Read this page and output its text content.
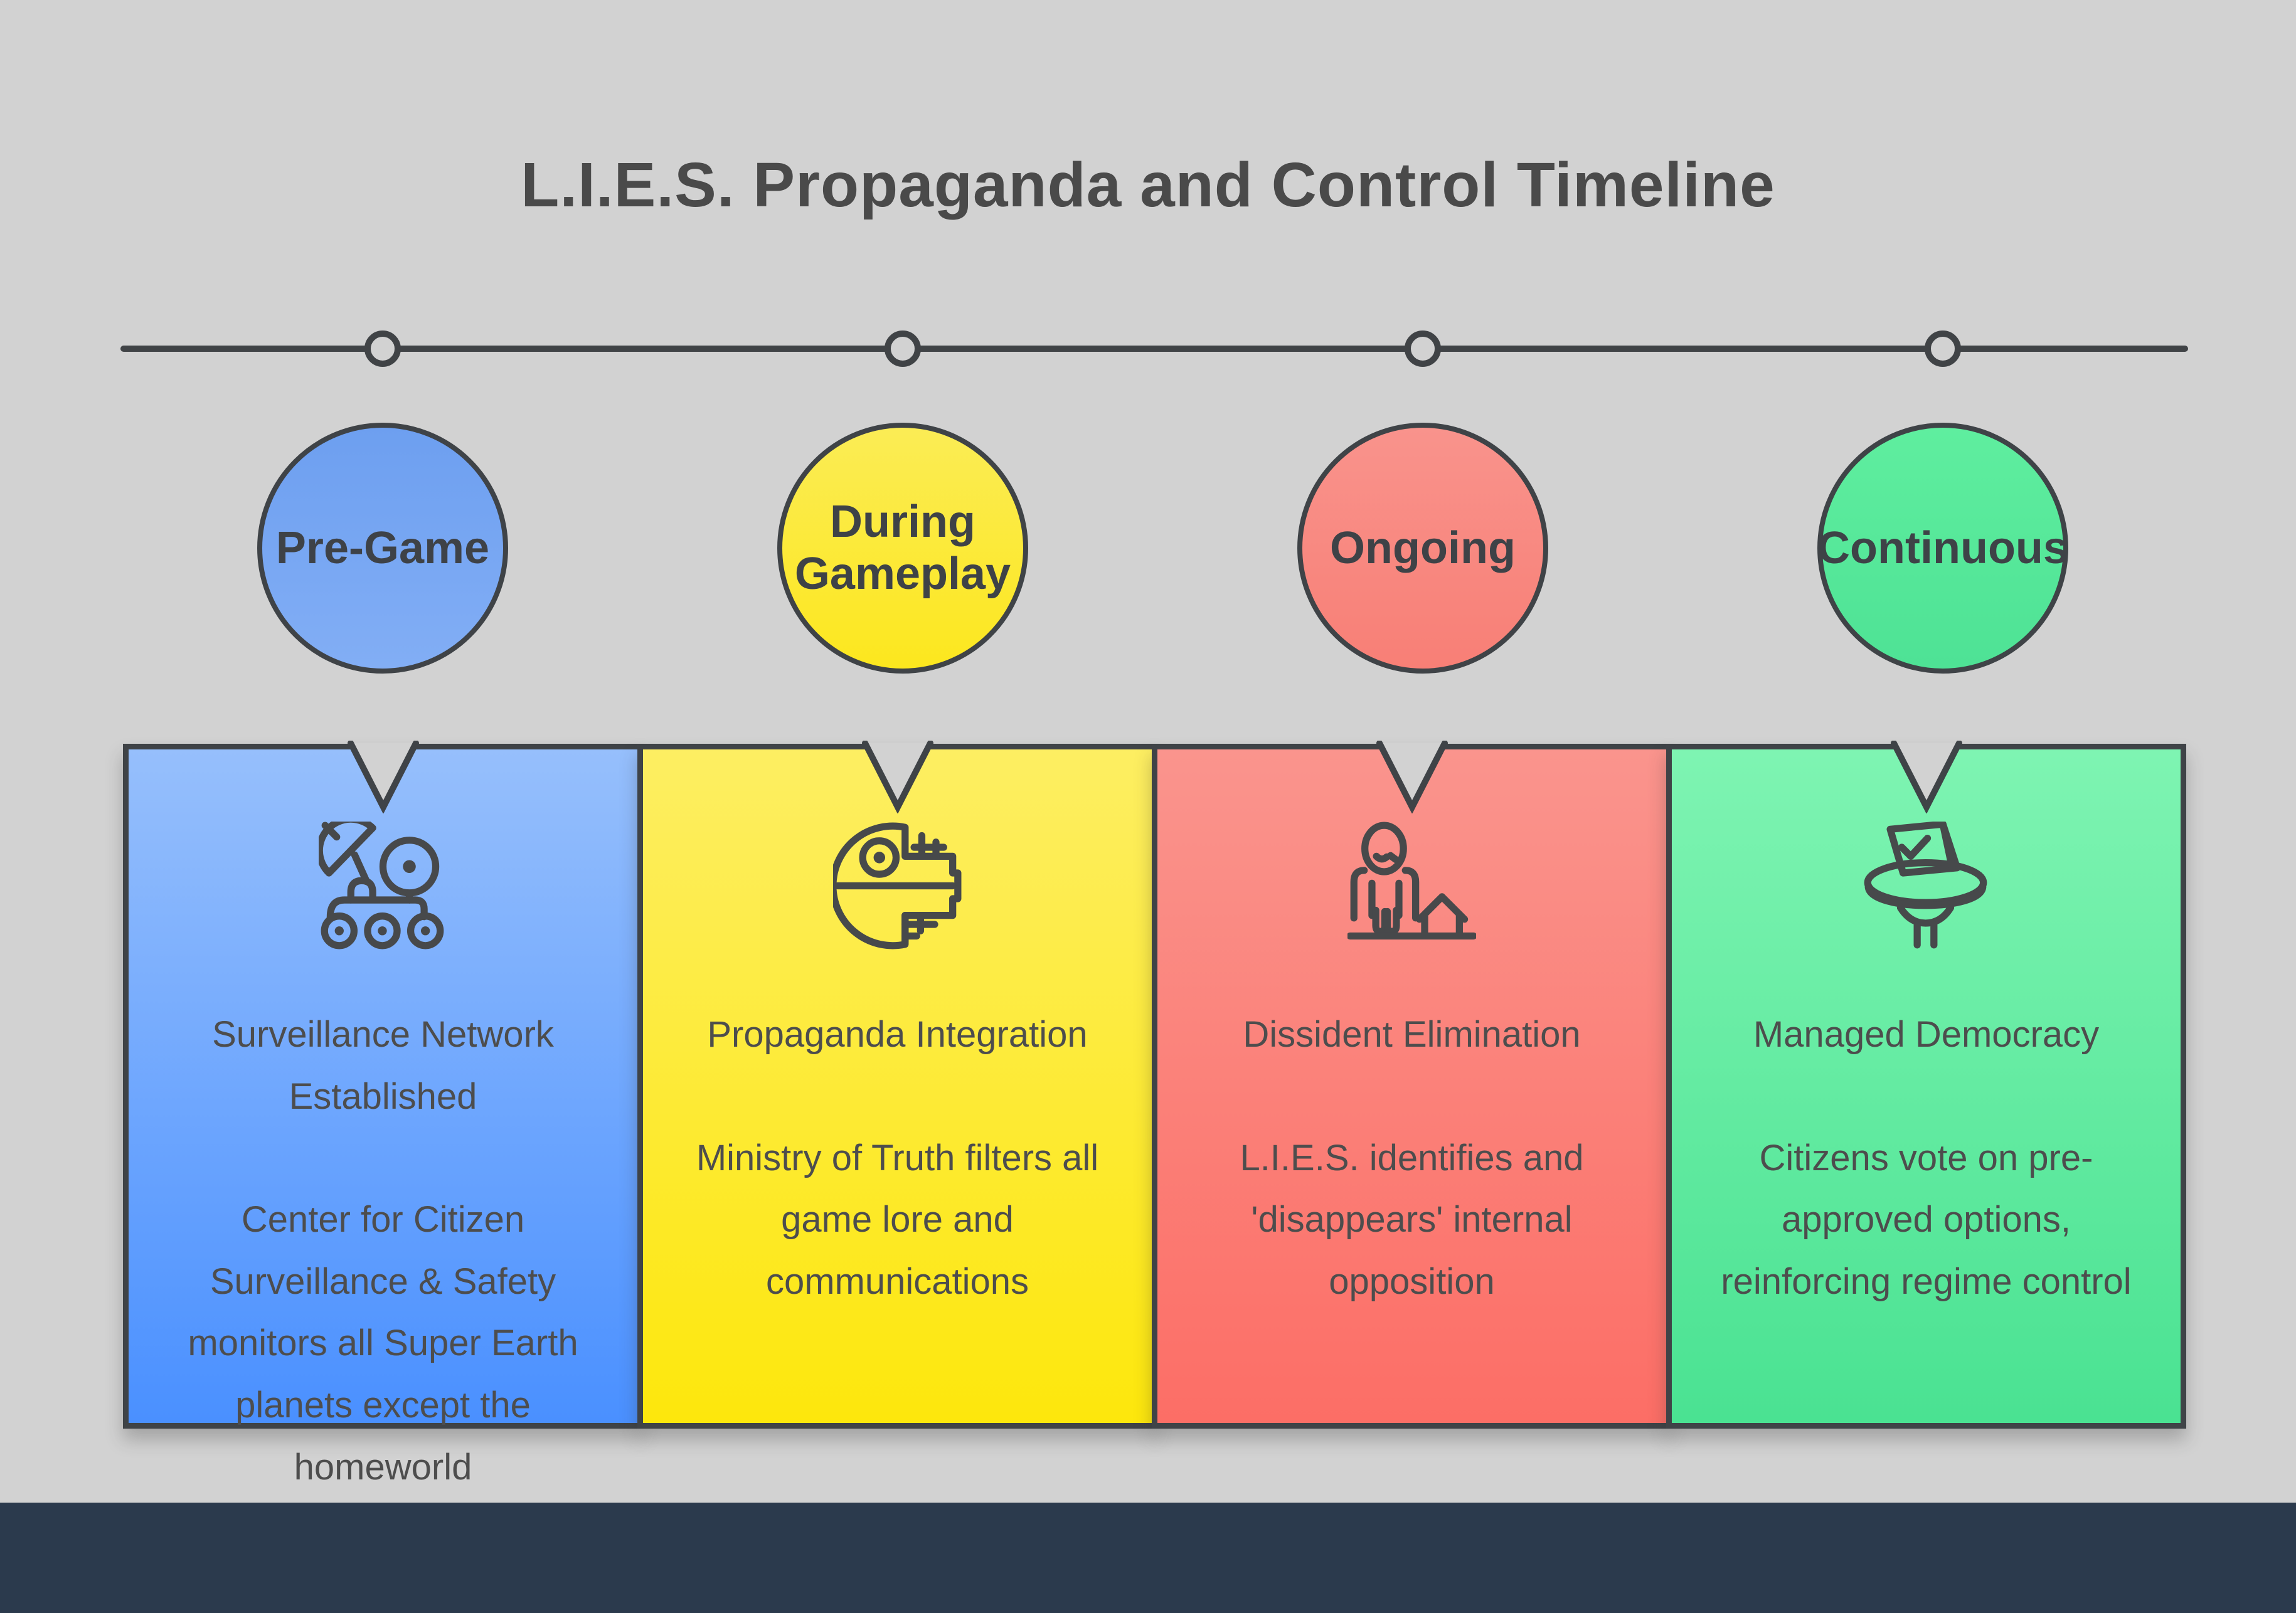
L.I.E.S. Propaganda and Control Timeline
Pre-Game
During Gameplay
Ongoing	Continuous
Surveillance Network Established
Center for Citizen Surveillance & Safety monitors all Super Earth planets except the homeworld
Propaganda Integration
Ministry of Truth filters all game lore and communications
Dissident Elimination
L.I.E.S. identifies and 'disappears' internal opposition
Managed Democracy
Citizens vote on pre-approved options, reinforcing regime control
